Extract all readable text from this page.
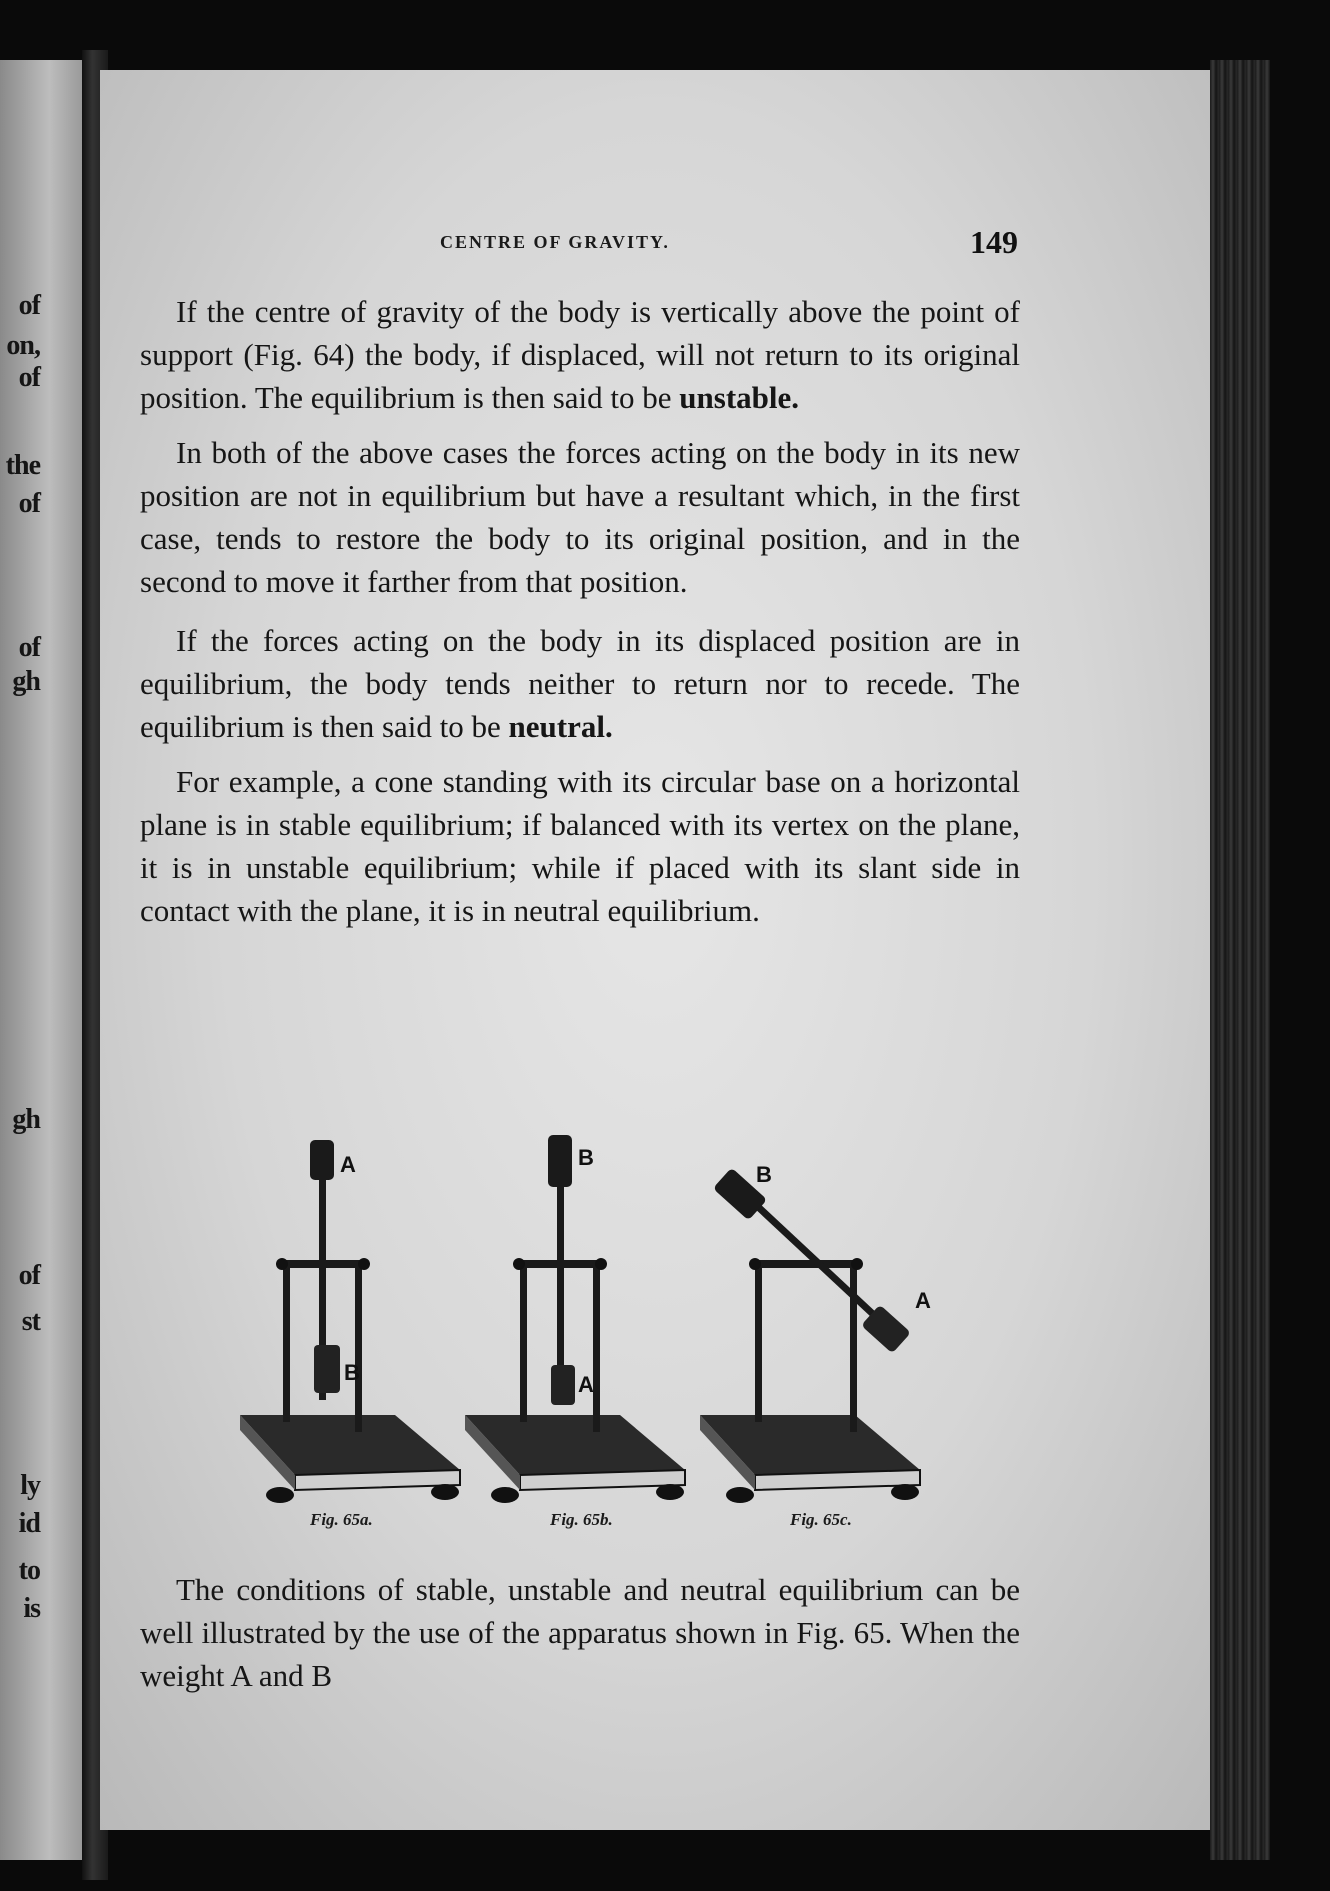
of
on,
of
the
of
of
gh
gh
of
st
ly
id
to
is
CENTRE OF GRAVITY.	149

If the centre of gravity of the body is vertically above the point of support (Fig. 64) the body, if displaced, will not return to its original position. The equilibrium is then said to be unstable.

In both of the above cases the forces acting on the body in its new position are not in equilibrium but have a resultant which, in the first case, tends to restore the body to its original position, and in the second to move it farther from that position.

If the forces acting on the body in its displaced position are in equilibrium, the body tends neither to return nor to recede. The equilibrium is then said to be neutral.

For example, a cone standing with its circular base on a horizontal plane is in stable equilibrium; if balanced with its vertex on the plane, it is in unstable equilibrium; while if placed with its slant side in contact with the plane, it is in neutral equilibrium.

A
B
B
A
B
A
Fig. 65a.	Fig. 65b.	Fig. 65c.

The conditions of stable, unstable and neutral equilibrium can be well illustrated by the use of the apparatus shown in Fig. 65. When the weight A and B
